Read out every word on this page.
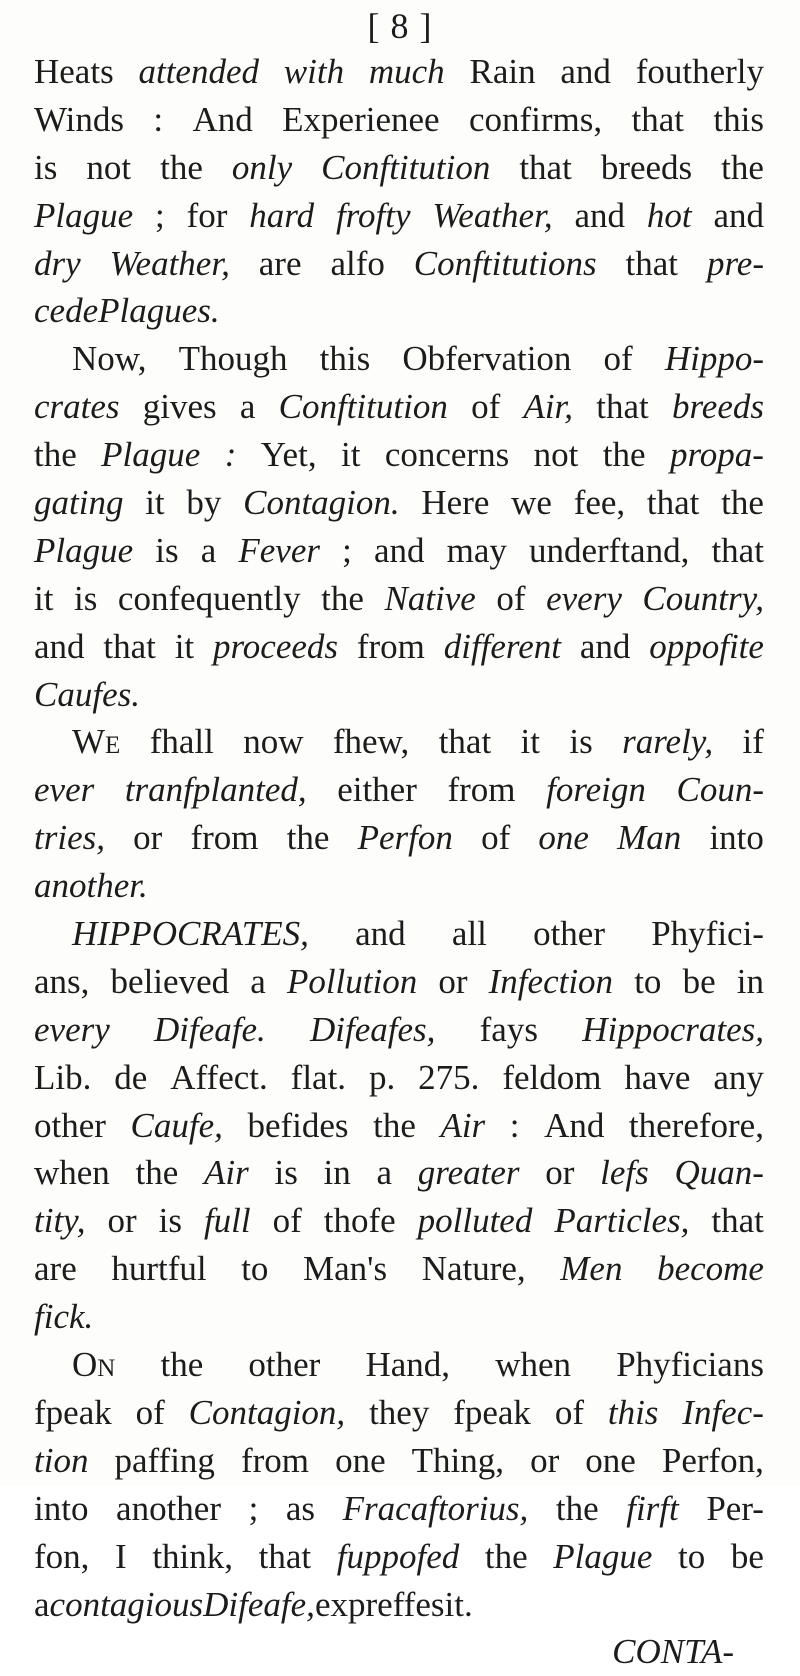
[ 8 ]
Heats attended with much Rain and foutherly
Winds : And Experienee confirms, that this
is not the only Conftitution that breeds the
Plague ; for hard frofty Weather, and hot and
dry Weather, are alfo Conftitutions that pre-
cede Plagues.
Now, Though this Obfervation of Hippo-
crates gives a Conftitution of Air, that breeds
the Plague : Yet, it concerns not the propa-
gating it by Contagion. Here we fee, that the
Plague is a Fever ; and may underftand, that
it is confequently the Native of every Country,
and that it proceeds from different and oppofite
Caufes.
We fhall now fhew, that it is rarely, if
ever tranfplanted, either from foreign Coun-
tries, or from the Perfon of one Man into
another.
HIPPOCRATES, and all other Phyfici-
ans, believed a Pollution or Infection to be in
every Difeafe. Difeafes, fays Hippocrates,
Lib. de Affect. flat. p. 275. feldom have any
other Caufe, befides the Air : And therefore,
when the Air is in a greater or lefs Quan-
tity, or is full of thofe polluted Particles, that
are hurtful to Man's Nature, Men become
fick.
On the other Hand, when Phyficians
fpeak of Contagion, they fpeak of this Infec-
tion paffing from one Thing, or one Perfon,
into another ; as Fracaftorius, the firft Per-
fon, I think, that fuppofed the Plague to be
a contagious Difeafe, expreffes it.
CONTA-
